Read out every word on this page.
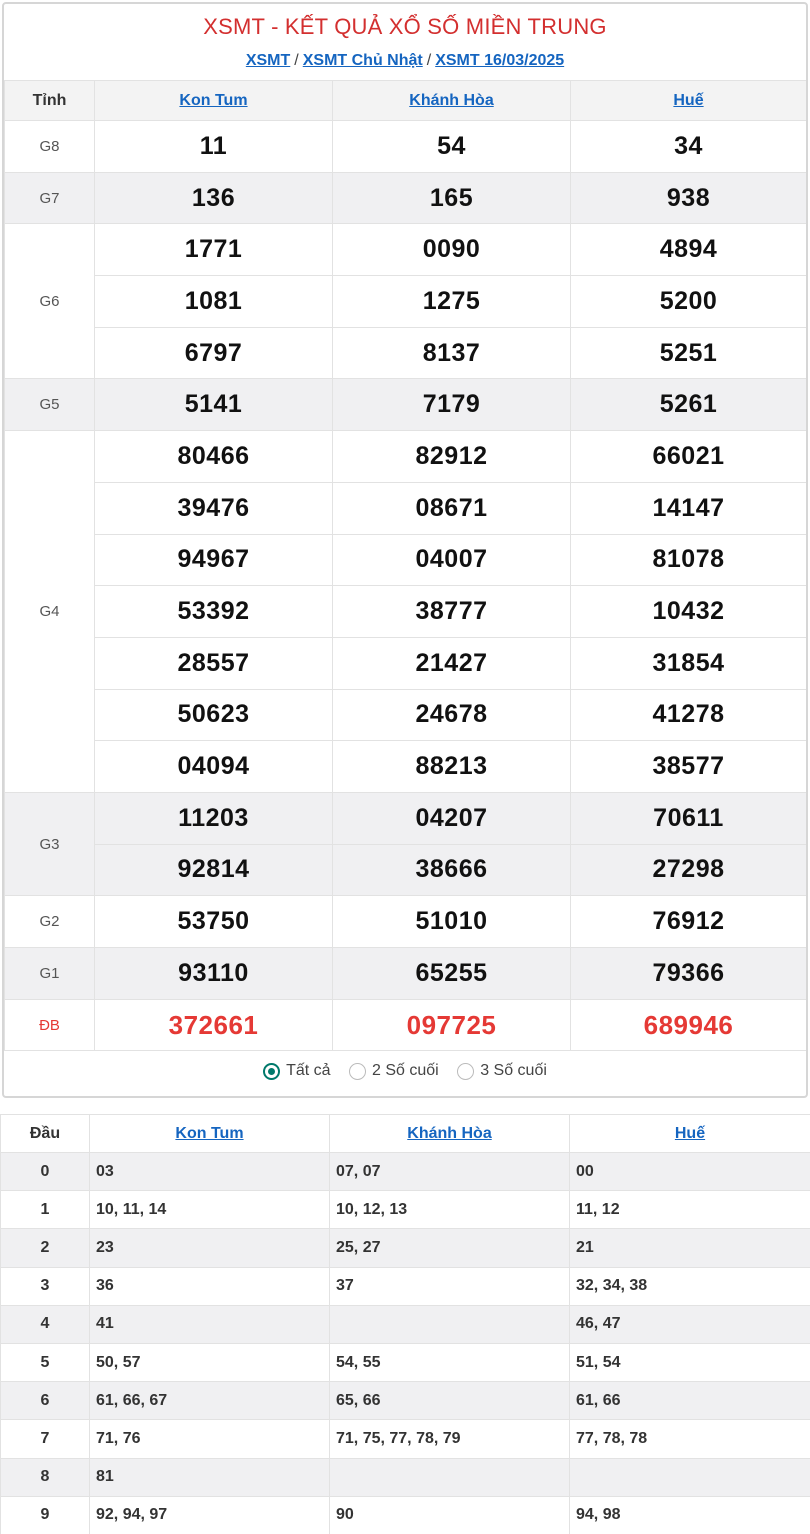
XSMT - KẾT QUẢ XỔ SỐ MIỀN TRUNG
XSMT / XSMT Chủ Nhật / XSMT 16/03/2025
Tỉnh	Kon Tum	Khánh Hòa	Huế
G8	11	54	34
G7	136	165	938
G6	1771	0090	4894
	1081	1275	5200
	6797	8137	5251
G5	5141	7179	5261
G4	80466	82912	66021
	39476	08671	14147
	94967	04007	81078
	53392	38777	10432
	28557	21427	31854
	50623	24678	41278
	04094	88213	38577
G3	11203	04207	70611
	92814	38666	27298
G2	53750	51010	76912
G1	93110	65255	79366
ĐB	372661	097725	689946
Tất cả
	2 Số cuối
	3 Số cuối
Đầu	Kon Tum	Khánh Hòa	Huế
0	03	07, 07	00
1	10, 11, 14	10, 12, 13	11, 12
2	23	25, 27	21
3	36	37	32, 34, 38
4	41		46, 47
5	50, 57	54, 55	51, 54
6	61, 66, 67	65, 66	61, 66
7	71, 76	71, 75, 77, 78, 79	77, 78, 78
8	81		
9	92, 94, 97	90	94, 98
